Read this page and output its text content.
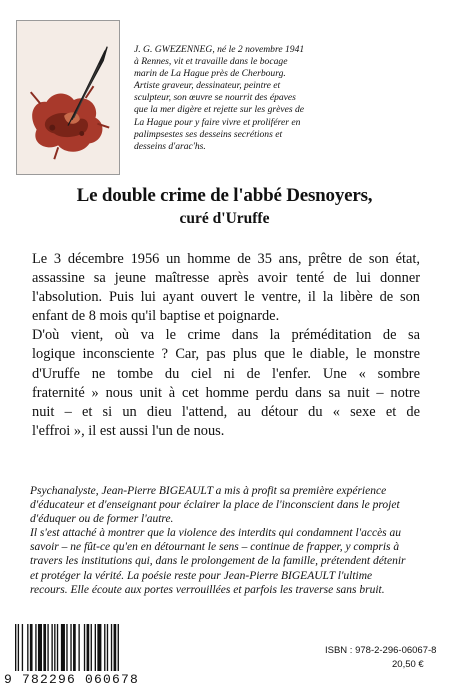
J. G. GWEZENNEG, né le 2 novembre 1941
à Rennes, vit et travaille dans le bocage
marin de La Hague près de Cherbourg.
Artiste graveur, dessinateur, peintre et
sculpteur, son œuvre se nourrit des épaves
que la mer digère et rejette sur les grèves de
La Hague pour y faire vivre et proliférer en
palimpsestes ses desseins secrétions et
desseins d'arac'hs.

Le double crime de l'abbé Desnoyers,
curé d'Uruffe

Le 3 décembre 1956 un homme de 35 ans, prêtre de son état,
assassine sa jeune maîtresse après avoir tenté de lui donner
l'absolution. Puis lui ayant ouvert le ventre, il la libère de son
enfant de 8 mois qu'il baptise et poignarde.
D'où vient, où va le crime dans la préméditation de sa
logique inconsciente ? Car, pas plus que le diable, le monstre
d'Uruffe ne tombe du ciel ni de l'enfer. Une « sombre
fraternité » nous unit à cet homme perdu dans sa nuit – notre
nuit – et si un dieu l'attend, au détour du « sexe et de
l'effroi », il est aussi l'un de nous.

Psychanalyste, Jean-Pierre BIGEAULT a mis à profit sa première expérience
d'éducateur et d'enseignant pour éclairer la place de l'inconscient dans le projet
d'éduquer ou de former l'autre.
Il s'est attaché à montrer que la violence des interdits qui condamnent l'accès au
savoir – ne fût-ce qu'en en détournant le sens – continue de frapper, y compris à
travers les institutions qui, dans le prolongement de la famille, prétendent détenir
et protéger la vérité. La poésie reste pour Jean-Pierre BIGEAULT l'ultime
recours. Elle écoute aux portes verrouillées et parfois les traverse sans bruit.

9 782296 060678
ISBN : 978-2-296-06067-8
20,50 €
